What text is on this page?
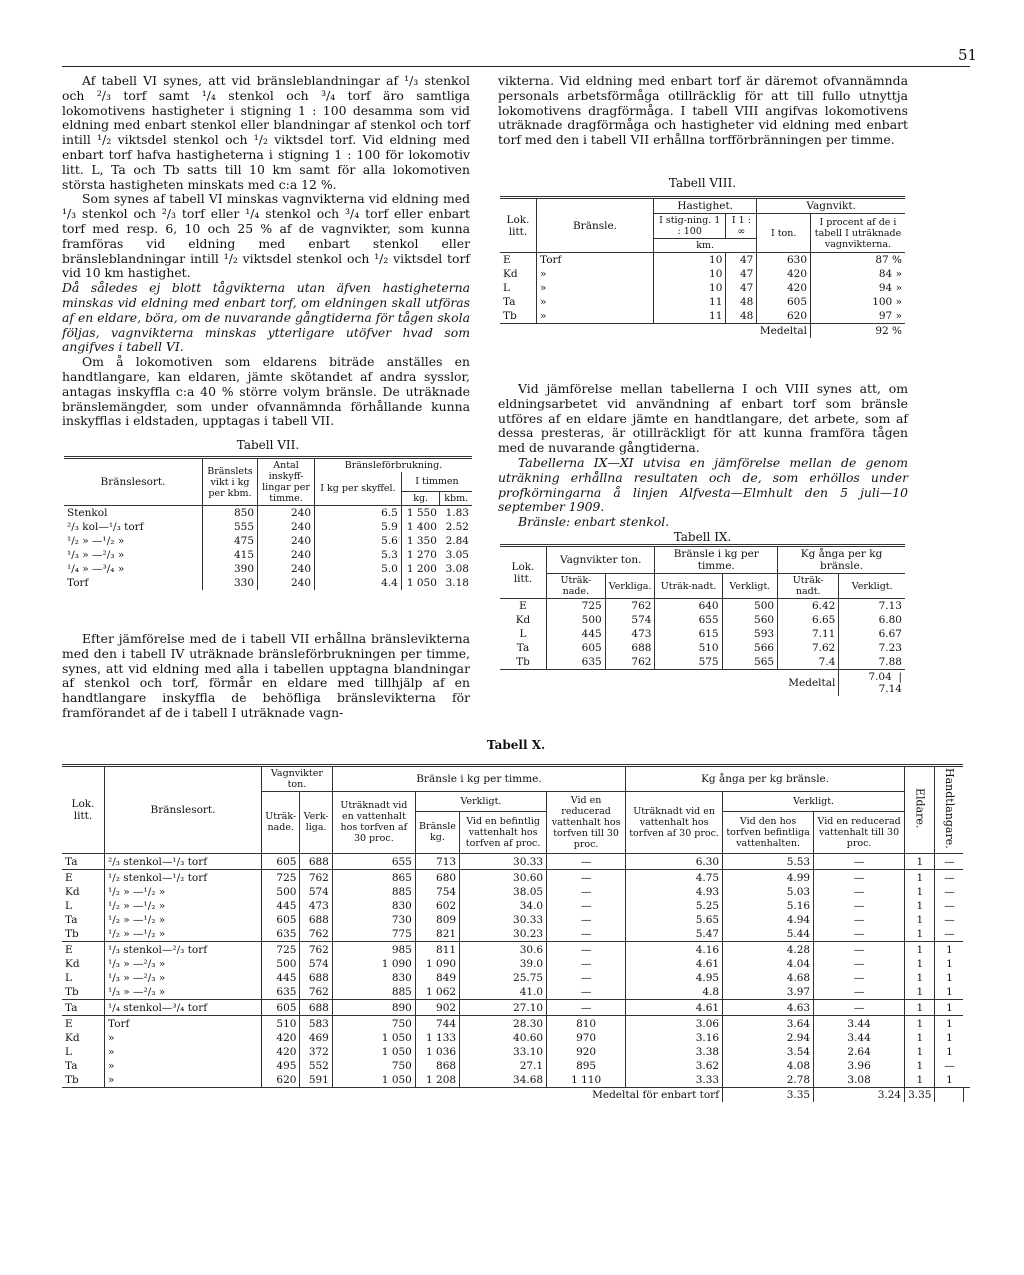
51

Af tabell VI synes, att vid bränsleblandningar af ¹/₃ stenkol och ²/₃ torf samt ¹/₄ stenkol och ³/₄ torf äro samtliga lokomotivens hastigheter i stigning 1 : 100 desamma som vid eldning med enbart stenkol eller blandningar af stenkol och torf intill ¹/₂ viktsdel stenkol och ¹/₂ viktsdel torf. Vid eldning med enbart torf hafva hastigheterna i stigning 1 : 100 för lokomotiv litt. L, Ta och Tb satts till 10 km samt för alla lokomotiven största hastigheten minskats med c:a 12 %.

Som synes af tabell VI minskas vagnvikterna vid eldning med ¹/₃ stenkol och ²/₃ torf eller ¹/₄ stenkol och ³/₄ torf eller enbart torf med resp. 6, 10 och 25 % af de vagnvikter, som kunna framföras vid eldning med enbart stenkol eller bränsleblandningar intill ¹/₂ viktsdel stenkol och ¹/₂ viktsdel torf vid 10 km hastighet.

Då således ej blott tågvikterna utan äfven hastigheterna minskas vid eldning med enbart torf, om eldningen skall utföras af en eldare, böra, om de nuvarande gångtiderna för tågen skola följas, vagnvikterna minskas ytterligare utöfver hvad som angifves i tabell VI.

Om å lokomotiven som eldarens biträde anställes en handtlangare, kan eldaren, jämte skötandet af andra sysslor, antagas inskyffla c:a 40 % större volym bränsle. De uträknade bränslemängder, som under ofvannämnda förhållande kunna inskyfflas i eldstaden, upptagas i tabell VII.

Tabell VII.
Bränslesort.	Bränslets vikt i kg per kbm.	Antal inskyff-lingar per timme.	Bränsleförbrukning.		
			I kg per skyffel.	I timmen	
				kg.	kbm.
Stenkol	850	240	6.5	1 550	1.83
²/₃ kol—¹/₃ torf	555	240	5.9	1 400	2.52
¹/₂ » —¹/₂ »	475	240	5.6	1 350	2.84
¹/₃ » —²/₃ »	415	240	5.3	1 270	3.05
¹/₄ » —³/₄ »	390	240	5.0	1 200	3.08
Torf	330	240	4.4	1 050	3.18

Efter jämförelse med de i tabell VII erhållna bränslevikterna med den i tabell IV uträknade bränsleförbrukningen per timme, synes, att vid eldning med alla i tabellen upptagna blandningar af stenkol och torf, förmår en eldare med tillhjälp af en handtlangare inskyffla de behöfliga bränslevikterna för framförandet af de i tabell I uträknade vagn-

vikterna. Vid eldning med enbart torf är däremot ofvannämnda personals arbetsförmåga otillräcklig för att till fullo utnyttja lokomotivens dragförmåga. I tabell VIII angifvas lokomotivens uträknade dragförmåga och hastigheter vid eldning med enbart torf med den i tabell VII erhållna torfförbränningen per timme.

Tabell VIII.
Lok. litt.	Bränsle.	Hastighet.		Vagnvikt.	
		I stig-ning. 1 : 100	I 1 : ∞	I ton.	I procent af de i tabell I uträknade vagnvikterna.
		km.			
E	Torf	10	47	630	87 %
Kd	»	10	47	420	84 »
L	»	10	47	420	94 »
Ta	»	11	48	605	100 »
Tb	»	11	48	620	97 »
				Medeltal	92 %

Vid jämförelse mellan tabellerna I och VIII synes att, om eldningsarbetet vid användning af enbart torf som bränsle utföres af en eldare jämte en handtlangare, det arbete, som af dessa presteras, är otillräckligt för att kunna framföra tågen med de nuvarande gångtiderna.

Tabellerna IX—XI utvisa en jämförelse mellan de genom uträkning erhållna resultaten och de, som erhöllos under profkörningarna å linjen Alfvesta—Elmhult den 5 juli—10 september 1909.

Bränsle: enbart stenkol.

Tabell IX.
Lok. litt.	Vagnvikter ton.		Bränsle i kg per timme.		Kg ånga per kg bränsle.	
	Uträk-nade.	Verkliga.	Uträk-nadt.	Verkligt.	Uträk-nadt.	Verkligt.
E	725	762	640	500	6.42	7.13
Kd	500	574	655	560	6.65	6.80
L	445	473	615	593	7.11	6.67
Ta	605	688	510	566	7.62	7.23
Tb	635	762	575	565	7.4	7.88
					Medeltal	7.04  |  7.14
Tabell X.
Lok. litt.	Bränslesort.	Vagnvikter ton.		Bränsle i kg per timme.				Kg ånga per kg bränsle.			Eldare.	Handtlangare.	
		Uträk-nade.	Verk-liga.	Uträknadt vid en vattenhalt hos torfven af 30 proc.	Verkligt.		Vid en reducerad vattenhalt hos torfven till 30 proc.	Uträknadt vid en vattenhalt hos torfven af 30 proc.	Verkligt.				
					Bränsle kg.	Vid en befintlig vattenhalt hos torfven af proc.			Vid den hos torfven befintliga vattenhalten.	Vid en reducerad vattenhalt till 30 proc.			
Ta	²/₃ stenkol—¹/₃ torf	605	688	655	713	30.33	—	6.30	5.53	—	1	—	
E	¹/₂ stenkol—¹/₂ torf	725	762	865	680	30.60	—	4.75	4.99	—	1	—	
Kd	¹/₂ » —¹/₂ »	500	574	885	754	38.05	—	4.93	5.03	—	1	—	
L	¹/₂ » —¹/₂ »	445	473	830	602	34.0	—	5.25	5.16	—	1	—	
Ta	¹/₂ » —¹/₂ »	605	688	730	809	30.33	—	5.65	4.94	—	1	—	
Tb	¹/₂ » —¹/₂ »	635	762	775	821	30.23	—	5.47	5.44	—	1	—	
E	¹/₃ stenkol—²/₃ torf	725	762	985	811	30.6	—	4.16	4.28	—	1	1	
Kd	¹/₃ » —²/₃ »	500	574	1 090	1 090	39.0	—	4.61	4.04	—	1	1	
L	¹/₃ » —²/₃ »	445	688	830	849	25.75	—	4.95	4.68	—	1	1	
Tb	¹/₃ » —²/₃ »	635	762	885	1 062	41.0	—	4.8	3.97	—	1	1	
Ta	¹/₄ stenkol—³/₄ torf	605	688	890	902	27.10	—	4.61	4.63	—	1	1	
E	Torf	510	583	750	744	28.30	810	3.06	3.64	3.44	1	1	
Kd	»	420	469	1 050	1 133	40.60	970	3.16	2.94	3.44	1	1	
L	»	420	372	1 050	1 036	33.10	920	3.38	3.54	2.64	1	1	
Ta	»	495	552	750	868	27.1	895	3.62	4.08	3.96	1	—	
Tb	»	620	591	1 050	1 208	34.68	1 110	3.33	2.78	3.08	1	1	
						Medeltal för enbart torf			3.35	3.24	3.35		
